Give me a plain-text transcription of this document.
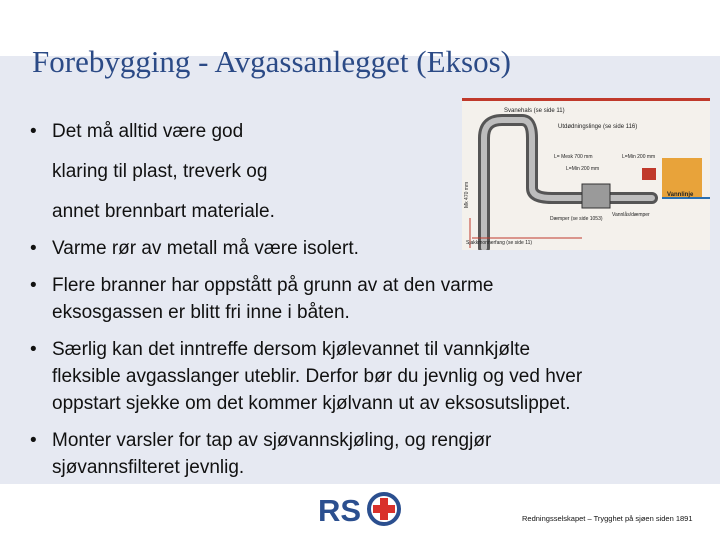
Forebygging - Avgassanlegget (Eksos)
• Det må alltid være god
klaring til plast, treverk og
annet brennbart materiale.
• Varme rør av metall må være isolert.
• Flere branner har oppstått på grunn av at den varme
eksosgassen er blitt fri inne i båten.
• Særlig kan det inntreffe dersom kjølevannet til vannkjølte
fleksible avgasslanger uteblir. Derfor bør du jevnlig og ved hver
oppstart sjekke om det kommer kjølvann ut av eksosutslippet.
• Monter varsler for tap av sjøvannskjøling, og rengjør
sjøvannsfilteret jevnlig.
Svanehals (se side 11)
Utdødningslinge (se side 116)
L= Mesk 700 mm
L=Min 200 mm
L=Min 200 mm
Vannlinje
Dæmper (se side 1053)
Vannlås/dæmper
Sjakkmonnerfang (se side 11)
Mk 470 mm
RS	Redningsselskapet – Trygghet på sjøen siden 1891
